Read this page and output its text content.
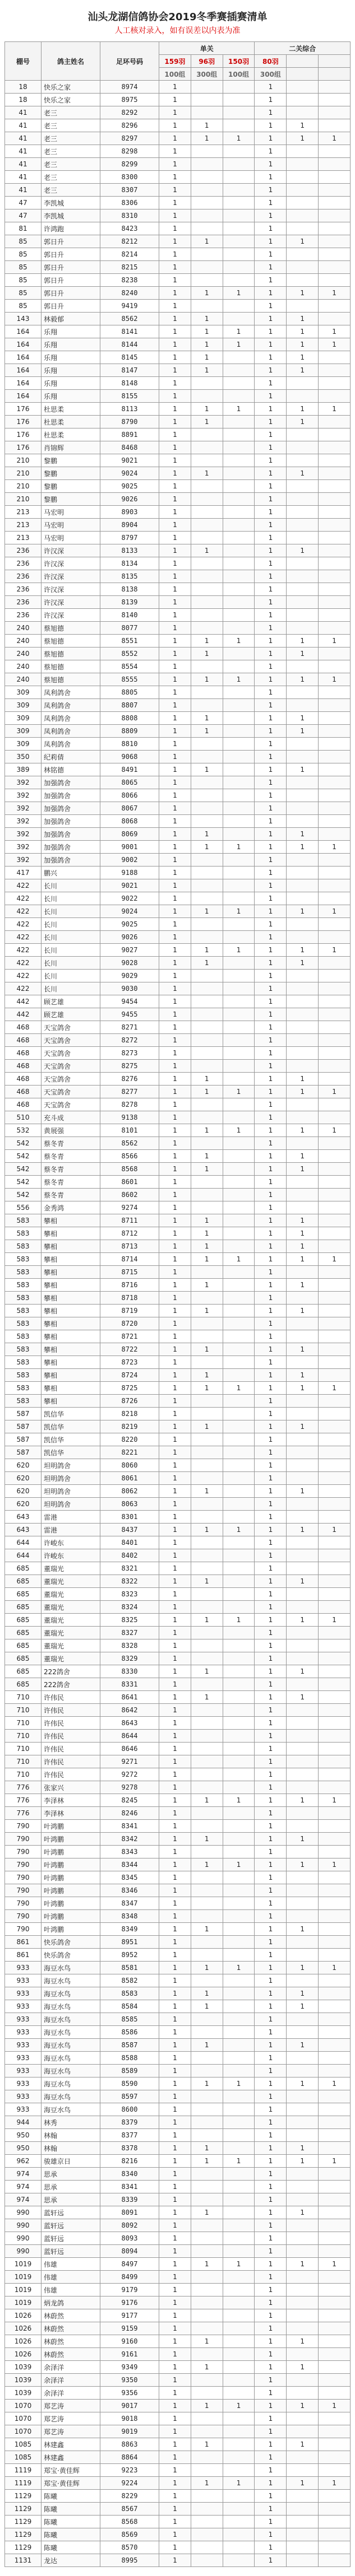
汕头龙湖信鸽协会2019冬季赛插赛清单
人工核对录入，如有误差以内表为准
棚号	鸽主姓名	足环号码	单关			二关综合		
			159羽	96羽	150羽	80羽		
			100组	300组	100组	300组		
18	快乐之家	8974	1			1		
18	快乐之家	8975	1			1		
41	老三	8292	1			1		
41	老三	8296	1	1		1	1	
41	老三	8297	1	1	1	1	1	1
41	老三	8298	1			1		
41	老三	8299	1			1		
41	老三	8300	1			1		
41	老三	8307	1			1		
47	李凯城	8306	1			1		
47	李凯城	8310	1			1		
81	许鸿跑	8423	1			1		
85	郭日升	8212	1	1		1	1	
85	郭日升	8214	1			1		
85	郭日升	8215	1			1		
85	郭日升	8238	1			1		
85	郭日升	8240	1	1	1	1	1	1
85	郭日升	9419	1			1		
143	林毅郁	8562	1	1		1	1	
164	乐翔	8141	1	1	1	1	1	1
164	乐翔	8144	1	1	1	1	1	1
164	乐翔	8145	1	1		1	1	
164	乐翔	8147	1	1		1	1	
164	乐翔	8148	1			1		
164	乐翔	8155	1			1		
176	杜思柔	8113	1	1	1	1	1	1
176	杜思柔	8790	1	1		1	1	
176	杜思柔	8891	1			1		
176	肖锦辉	8468	1			1		
210	黎鹏	9021	1			1		
210	黎鹏	9024	1	1		1	1	
210	黎鹏	9025	1			1		
210	黎鹏	9026	1			1		
213	马宏明	8903	1			1		
213	马宏明	8904	1			1		
213	马宏明	8797	1			1		
236	许汉深	8133	1	1		1	1	
236	许汉深	8134	1			1		
236	许汉深	8135	1			1		
236	许汉深	8138	1			1		
236	许汉深	8139	1			1		
236	许汉深	8140	1			1		
240	蔡旭德	8077	1			1		
240	蔡旭德	8551	1	1	1	1	1	1
240	蔡旭德	8552	1	1		1	1	
240	蔡旭德	8554	1			1		
240	蔡旭德	8555	1	1	1	1	1	1
309	凤利鸽舍	8805	1			1		
309	凤利鸽舍	8807	1			1		
309	凤利鸽舍	8808	1	1		1	1	
309	凤利鸽舍	8809	1	1		1	1	
309	凤利鸽舍	8810	1			1		
350	纪莉倩	9068	1			1		
389	林铭德	8491	1	1		1	1	
392	加强鸽舍	8065	1			1		
392	加强鸽舍	8066	1			1		
392	加强鸽舍	8067	1			1		
392	加强鸽舍	8068	1			1		
392	加强鸽舍	8069	1	1		1	1	
392	加强鸽舍	9001	1	1	1	1	1	1
392	加强鸽舍	9002	1			1		
417	鹏兴	9188	1			1		
422	长川	9021	1			1		
422	长川	9022	1			1		
422	长川	9024	1	1	1	1	1	1
422	长川	9025	1			1		
422	长川	9026	1			1		
422	长川	9027	1	1	1	1	1	1
422	长川	9028	1	1		1	1	
422	长川	9029	1			1		
422	长川	9030	1			1		
442	顾艺雄	9454	1			1		
442	顾艺雄	9455	1			1		
468	天宝鸽舍	8271	1			1		
468	天宝鸽舍	8272	1			1		
468	天宝鸽舍	8273	1			1		
468	天宝鸽舍	8275	1			1		
468	天宝鸽舍	8276	1	1		1	1	
468	天宝鸽舍	8277	1	1	1	1	1	1
468	天宝鸽舍	8278	1			1		
510	充斗成	9138	1			1		
532	黄展强	8101	1	1	1	1	1	1
542	蔡冬青	8562	1			1		
542	蔡冬青	8566	1	1		1	1	
542	蔡冬青	8568	1	1		1	1	
542	蔡冬青	8601	1			1		
542	蔡冬青	8602	1			1		
556	金秀鸿	9274	1			1		
583	攀相	8711	1	1		1	1	
583	攀相	8712	1	1		1	1	
583	攀相	8713	1	1		1	1	
583	攀相	8714	1	1	1	1	1	1
583	攀相	8715	1			1		
583	攀相	8716	1	1		1	1	
583	攀相	8718	1			1		
583	攀相	8719	1	1		1	1	
583	攀相	8720	1			1		
583	攀相	8721	1			1		
583	攀相	8722	1	1		1	1	
583	攀相	8723	1			1		
583	攀相	8724	1	1		1	1	
583	攀相	8725	1	1	1	1	1	1
583	攀相	8726	1			1		
587	凯信华	8218	1			1		
587	凯信华	8219	1	1		1	1	
587	凯信华	8220	1			1		
587	凯信华	8221	1			1		
620	坦明鸽舍	8060	1			1		
620	坦明鸽舍	8061	1			1		
620	坦明鸽舍	8062	1	1		1	1	
620	坦明鸽舍	8063	1			1		
643	雷港	8301	1			1		
643	雷港	8437	1	1	1	1	1	1
644	许峻东	8401	1			1		
644	许峻东	8402	1			1		
685	董瑞光	8321	1			1		
685	董瑞光	8322	1	1		1	1	
685	董瑞光	8323	1			1		
685	董瑞光	8324	1			1		
685	董瑞光	8325	1	1	1	1	1	1
685	董瑞光	8327	1			1		
685	董瑞光	8328	1			1		
685	董瑞光	8329	1			1		
685	222鸽舍	8330	1	1		1	1	
685	222鸽舍	8331	1			1		
710	许伟民	8641	1	1		1	1	
710	许伟民	8642	1			1		
710	许伟民	8643	1			1		
710	许伟民	8644	1			1		
710	许伟民	8646	1			1		
710	许伟民	9271	1			1		
710	许伟民	9272	1			1		
776	张家兴	9278	1			1		
776	李泽林	8245	1	1	1	1	1	1
776	李泽林	8246	1			1		
790	叶鸿鹏	8341	1			1		
790	叶鸿鹏	8342	1	1		1	1	
790	叶鸿鹏	8343	1			1		
790	叶鸿鹏	8344	1	1	1	1	1	1
790	叶鸿鹏	8345	1			1		
790	叶鸿鹏	8346	1			1		
790	叶鸿鹏	8347	1			1		
790	叶鸿鹏	8348	1			1		
790	叶鸿鹏	8349	1	1		1	1	
861	快乐鸽舍	8951	1			1		
861	快乐鸽舍	8952	1			1		
933	海豆水鸟	8581	1	1	1	1	1	1
933	海豆水鸟	8582	1			1		
933	海豆水鸟	8583	1	1		1	1	
933	海豆水鸟	8584	1	1		1	1	
933	海豆水鸟	8585	1			1		
933	海豆水鸟	8586	1			1		
933	海豆水鸟	8587	1	1		1	1	
933	海豆水鸟	8588	1			1		
933	海豆水鸟	8589	1			1		
933	海豆水鸟	8590	1	1	1	1	1	1
933	海豆水鸟	8597	1			1		
933	海豆水鸟	8600	1			1		
944	林秀	8379	1			1		
950	林翰	8377	1			1		
950	林翰	8378	1	1		1	1	
962	骏雄京日	8216	1	1	1	1	1	1
974	思承	8340	1			1		
974	思承	8341	1			1		
974	思承	8339	1			1		
990	蓝轩远	8091	1	1		1	1	
990	蓝轩远	8092	1			1		
990	蓝轩远	8093	1			1		
990	蓝轩远	8094	1			1		
1019	伟雄	8497	1	1	1	1	1	1
1019	伟雄	8499	1			1		
1019	伟雄	9179	1			1		
1019	炳龙鸽	9176	1			1		
1026	林蔚然	9177	1			1		
1026	林蔚然	9159	1			1		
1026	林蔚然	9160	1	1		1	1	
1026	林蔚然	9161	1			1		
1039	余泽洋	9349	1	1		1	1	
1039	余泽洋	9350	1			1		
1039	余泽洋	9356	1			1		
1070	郑艺涛	9017	1	1	1	1	1	1
1070	郑艺涛	9018	1			1		
1070	郑艺涛	9019	1			1		
1085	林建鑫	8863	1	1		1	1	
1085	林建鑫	8864	1			1		
1119	郑宝·黄佳辉	9223	1			1		
1119	郑宝·黄佳辉	9224	1	1	1	1	1	1
1129	陈曦	8229	1			1		
1129	陈曦	8567	1			1		
1129	陈曦	8568	1			1		
1129	陈曦	8569	1			1		
1129	陈曦	8570	1			1		
1131	龙达	8995	1			1		
